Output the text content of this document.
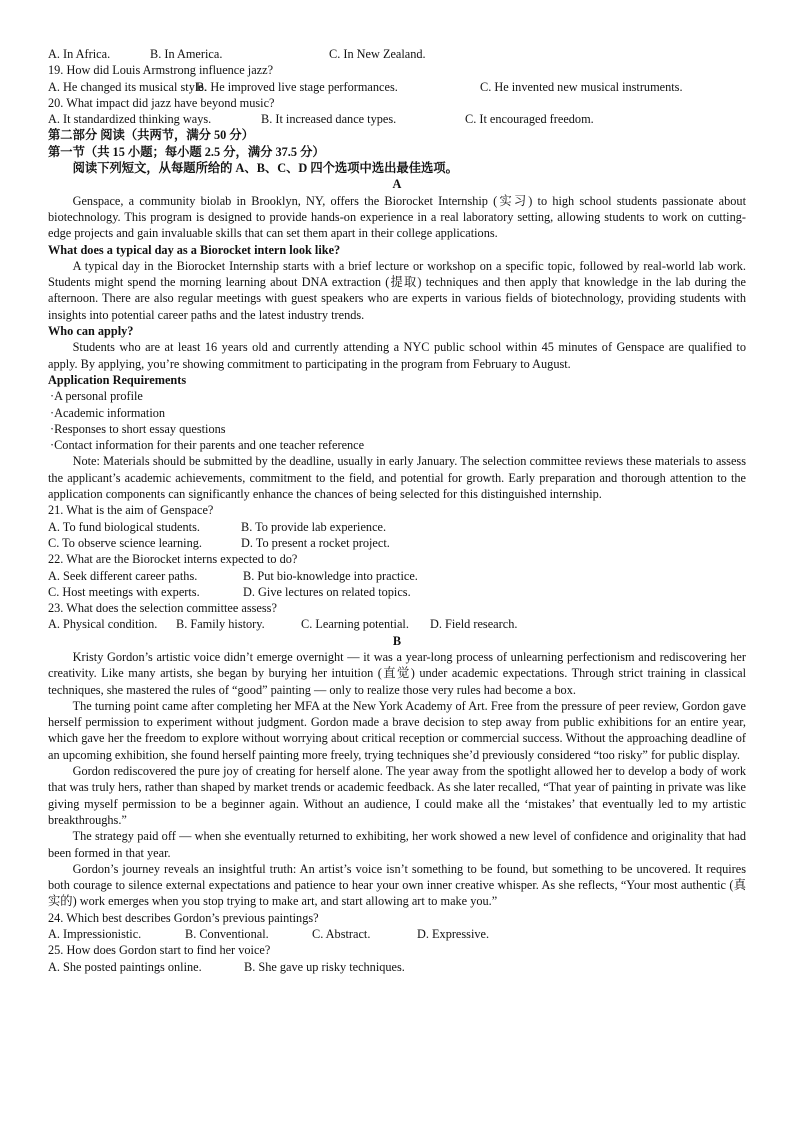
A. In Africa.	B. In America.	C. In New Zealand.
19. How did Louis Armstrong influence jazz?
A. He changed its musical style.
B. He improved live stage performances.	C. He invented new musical instruments.
20. What impact did jazz have beyond music?
A. It standardized thinking ways.	B. It increased dance types.	C. It encouraged freedom.
第二部分 阅读（共两节，满分 50 分）
第一节（共 15 小题；每小题 2.5 分，满分 37.5 分）
阅读下列短文，从每题所给的 A、B、C、D 四个选项中选出最佳选项。
A
Genspace, a community biolab in Brooklyn, NY, offers the Biorocket Internship (实习) to high school students passionate about biotechnology. This program is designed to provide hands-on experience in a real laboratory setting, allowing students to work on cutting-edge projects and gain invaluable skills that can set them apart in their college applications.
What does a typical day as a Biorocket intern look like?
A typical day in the Biorocket Internship starts with a brief lecture or workshop on a specific topic, followed by real-world lab work. Students might spend the morning learning about DNA extraction (提取) techniques and then apply that knowledge in the lab during the afternoon. There are also regular meetings with guest speakers who are experts in various fields of biotechnology, providing students with insights into potential career paths and the latest industry trends.
Who can apply?
Students who are at least 16 years old and currently attending a NYC public school within 45 minutes of Genspace are qualified to apply. By applying, you’re showing commitment to participating in the program from February to August.
Application Requirements
·A personal profile
·Academic information
·Responses to short essay questions
·Contact information for their parents and one teacher reference
Note: Materials should be submitted by the deadline, usually in early January. The selection committee reviews these materials to assess the applicant’s academic achievements, commitment to the field, and potential for growth. Early preparation and thorough attention to the application components can significantly enhance the chances of being selected for this distinguished internship.
21. What is the aim of Genspace?
A. To fund biological students.	B. To provide lab experience.
C. To observe science learning.	D. To present a rocket project.
22. What are the Biorocket interns expected to do?
A. Seek different career paths.	B. Put bio-knowledge into practice.
C. Host meetings with experts.	D. Give lectures on related topics.
23. What does the selection committee assess?
A. Physical condition.	B. Family history.	C. Learning potential.	D. Field research.
B
Kristy Gordon’s artistic voice didn’t emerge overnight — it was a year-long process of unlearning perfectionism and rediscovering her creativity. Like many artists, she began by burying her intuition (直觉) under academic expectations. Through strict training in classical techniques, she mastered the rules of “good” painting — only to realize those very rules had become a box.
The turning point came after completing her MFA at the New York Academy of Art. Free from the pressure of peer review, Gordon gave herself permission to experiment without judgment. Gordon made a brave decision to step away from public exhibitions for an entire year, which gave her the freedom to explore without worrying about critical reception or commercial success. Without the approaching deadline of an upcoming exhibition, she found herself painting more freely, trying techniques she’d previously considered “too risky” for public display.
Gordon rediscovered the pure joy of creating for herself alone. The year away from the spotlight allowed her to develop a body of work that was truly hers, rather than shaped by market trends or academic feedback. As she later recalled, “That year of painting in private was like giving myself permission to be a beginner again. Without an audience, I could make all the ‘mistakes’ that eventually led to my artistic breakthroughs.”
The strategy paid off — when she eventually returned to exhibiting, her work showed a new level of confidence and originality that had been formed in that year.
Gordon’s journey reveals an insightful truth: An artist’s voice isn’t something to be found, but something to be uncovered. It requires both courage to silence external expectations and patience to hear your own inner creative whisper. As she reflects, “Your most authentic (真实的) work emerges when you stop trying to make art, and start allowing art to make you.”
24. Which best describes Gordon’s previous paintings?
A. Impressionistic.	B. Conventional.	C. Abstract.	D. Expressive.
25. How does Gordon start to find her voice?
A. She posted paintings online.	B. She gave up risky techniques.
